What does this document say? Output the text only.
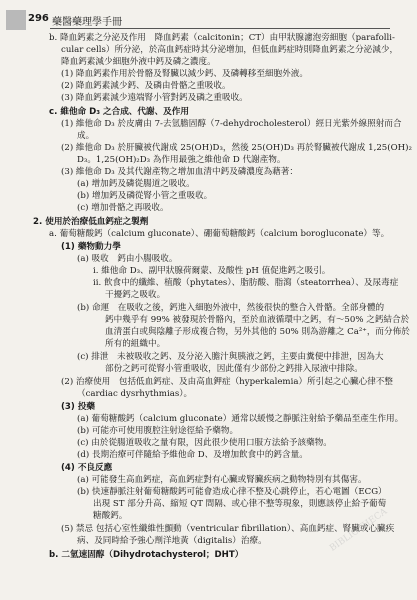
296 藥醫藥理學手冊
b. 降血鈣素之分泌及作用　降血鈣素（calcitonin；CT）由甲狀腺濾泡旁細胞（parafolli-
cular cells）所分泌，於高血鈣症時其分泌增加，但低血鈣症時則降血鈣素之分泌減少，
降血鈣素減少細胞外液中鈣及磷之濃度。
(1) 降血鈣素作用於骨骼及腎臟以減少鈣、及磷轉移至細胞外液。
(2) 降血鈣素減少鈣、及磷由骨骼之重吸收。
(3) 降血鈣素減少遠端腎小管對鈣及磷之重吸收。
c. 維他命 D₃ 之合成、代謝、及作用
(1) 維他命 D₃ 於皮膚由 7-去氫膽固醇（7-dehydrocholesterol）經日光紫外線照射而合
成。
(2) 維他命 D₃ 於肝臟被代謝成 25(OH)D₃，然後 25(OH)D₃ 再於腎臟被代謝成 1,25(OH)₂
D₃。1,25(OH)₂D₃ 為作用最強之維他命 D 代謝產物。
(3) 維他命 D₃ 及其代謝產物之增加血清中鈣及磷濃度為藉著：
(a) 增加鈣及磷從腸道之吸收。
(b) 增加鈣及磷從腎小管之重吸收。
(c) 增加骨骼之再吸收。
2. 使用於治療低血鈣症之製劑
a. 葡萄糖酸鈣（calcium gluconate）、硼葡萄糖酸鈣（calcium borogluconate）等。
(1) 藥物動力學
(a) 吸收　鈣由小腸吸收。
i. 維他命 D₃、副甲狀腺荷爾蒙、及酸性 pH 值促進鈣之吸引。
ii. 飲食中的纖維、植酸（phytates）、脂肪酸、脂瀉（steatorrhea）、及尿毒症
干擾鈣之吸收。
(b) 命運　在吸收之後，鈣進入細胞外液中，然後很快的整合入骨骼。全部身體的
鈣中幾乎有 99% 被發現於骨骼內，至於血液循環中之鈣，有～50% 之鈣結合於
血清蛋白或與陰離子形成複合物，另外其他的 50% 則為游離之 Ca²⁺，而分佈於
所有的組織中。
(c) 排泄　未被吸收之鈣、及分泌入膽汁與胰液之鈣，主要由糞便中排泄，因為大
部份之鈣可從腎小管重吸收，因此僅有少部份之鈣排入尿液中排除。
(2) 治療使用　包括低血鈣症、及由高血鉀症（hyperkalemia）所引起之心臟心律不整
（cardiac dysrhythmias）。
(3) 投藥
(a) 葡萄糖酸鈣（calcium gluconate）通常以緩慢之靜脈注射給予藥品至產生作用。
(b) 可能亦可使用腹腔注射途徑給予藥物。
(c) 由於從腸道吸收之量有限，因此很少使用口服方法給予該藥物。
(d) 長期治療可伴隨給予維他命 D、及增加飲食中的鈣含量。
(4) 不良反應
(a) 可能發生高血鈣症，高血鈣症對有心臟或腎臟疾病之動物特別有其傷害。
(b) 快速靜脈注射葡萄糖酸鈣可能會造成心律不整及心跳停止，若心電圖（ECG）
出現 ST 部分升高、縮短 QT 間隔、或心律不整等現象，則應該停止給予葡萄
糖酸鈣。
(5) 禁忌 包括心室性纖維性顫動（ventricular fibrillation）、高血鈣症、腎臟或心臟疾
病、及同時給予強心劑洋地黃（digitalis）治療。
b. 二氫速固醇（Dihydrotachysterol；DHT）
BIBLIOTHECA
